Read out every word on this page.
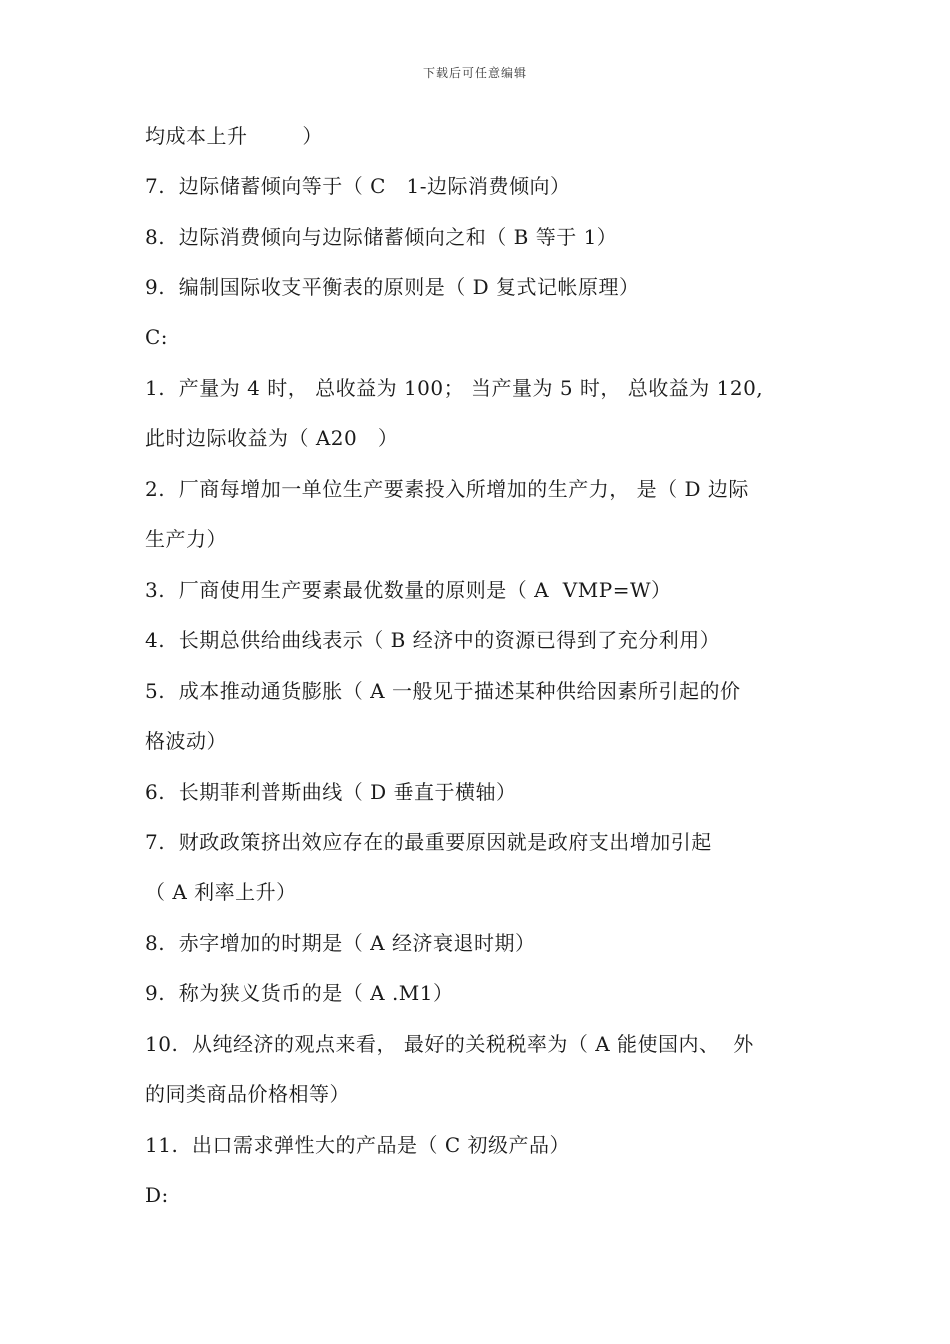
下载后可任意编辑
均成本上升        ）
7.  边际储蓄倾向等于（ C   1-边际消费倾向）
8.  边际消费倾向与边际储蓄倾向之和（ B 等于 1）
9.  编制国际收支平衡表的原则是（ D 复式记帐原理）
C:
1.  产量为 4 时， 总收益为 100； 当产量为 5 时， 总收益为 120,
此时边际收益为（ A20   ）
2.  厂商每增加一单位生产要素投入所增加的生产力， 是（ D 边际
生产力）
3.  厂商使用生产要素最优数量的原则是（ A  VMP=W）
4.  长期总供给曲线表示（ B 经济中的资源已得到了充分利用）
5.  成本推动通货膨胀（ A 一般见于描述某种供给因素所引起的价
格波动）
6.  长期菲利普斯曲线（ D 垂直于横轴）
7.  财政政策挤出效应存在的最重要原因就是政府支出增加引起
（ A 利率上升）
8.  赤字增加的时期是（ A 经济衰退时期）
9.  称为狭义货币的是（ A .M1）
10.  从纯经济的观点来看， 最好的关税税率为（ A 能使国内、  外
的同类商品价格相等）
11.  出口需求弹性大的产品是（ C 初级产品）
D:
